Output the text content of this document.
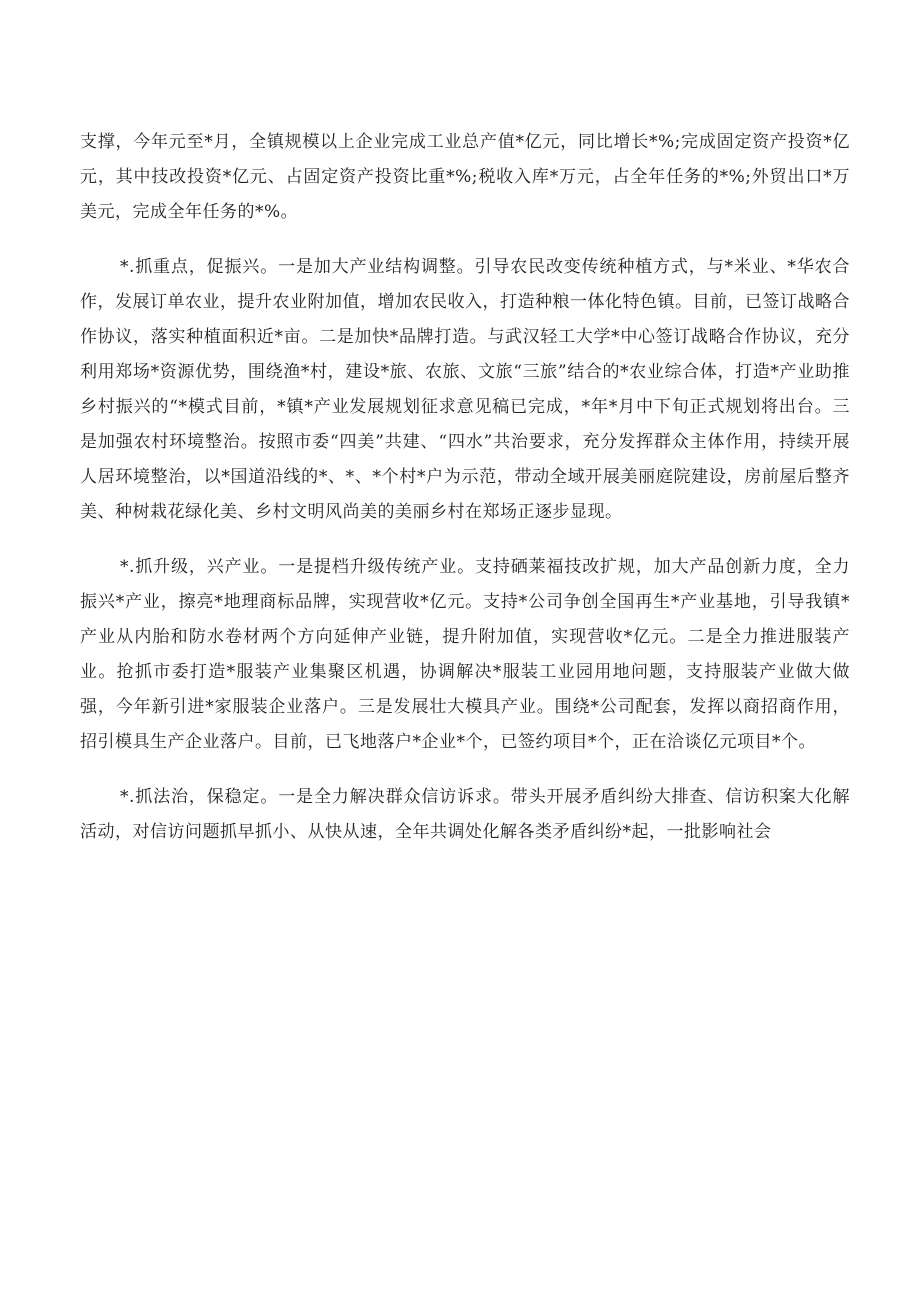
支撑，今年元至*月，全镇规模以上企业完成工业总产值*亿元，同比增长*%;完成固定资产投资*亿元，其中技改投资*亿元、占固定资产投资比重*%;税收入库*万元，占全年任务的*%;外贸出口*万美元，完成全年任务的*%。

*.抓重点，促振兴。一是加大产业结构调整。引导农民改变传统种植方式，与*米业、*华农合作，发展订单农业，提升农业附加值，增加农民收入，打造种粮一体化特色镇。目前，已签订战略合作协议，落实种植面积近*亩。二是加快*品牌打造。与武汉轻工大学*中心签订战略合作协议，充分利用郑场*资源优势，围绕渔*村，建设*旅、农旅、文旅“三旅”结合的*农业综合体，打造*产业助推乡村振兴的“*模式目前，*镇*产业发展规划征求意见稿已完成，*年*月中下旬正式规划将出台。三是加强农村环境整治。按照市委“四美”共建、“四水”共治要求，充分发挥群众主体作用，持续开展人居环境整治，以*国道沿线的*、*、*个村*户为示范，带动全域开展美丽庭院建设，房前屋后整齐美、种树栽花绿化美、乡村文明风尚美的美丽乡村在郑场正逐步显现。

*.抓升级，兴产业。一是提档升级传统产业。支持硒莱福技改扩规，加大产品创新力度，全力振兴*产业，擦亮*地理商标品牌，实现营收*亿元。支持*公司争创全国再生*产业基地，引导我镇*产业从内胎和防水卷材两个方向延伸产业链，提升附加值，实现营收*亿元。二是全力推进服装产业。抢抓市委打造*服装产业集聚区机遇，协调解决*服装工业园用地问题，支持服装产业做大做强，今年新引进*家服装企业落户。三是发展壮大模具产业。围绕*公司配套，发挥以商招商作用，招引模具生产企业落户。目前，已飞地落户*企业*个，已签约项目*个，正在洽谈亿元项目*个。

*.抓法治，保稳定。一是全力解决群众信访诉求。带头开展矛盾纠纷大排查、信访积案大化解活动，对信访问题抓早抓小、从快从速，全年共调处化解各类矛盾纠纷*起，一批影响社会
